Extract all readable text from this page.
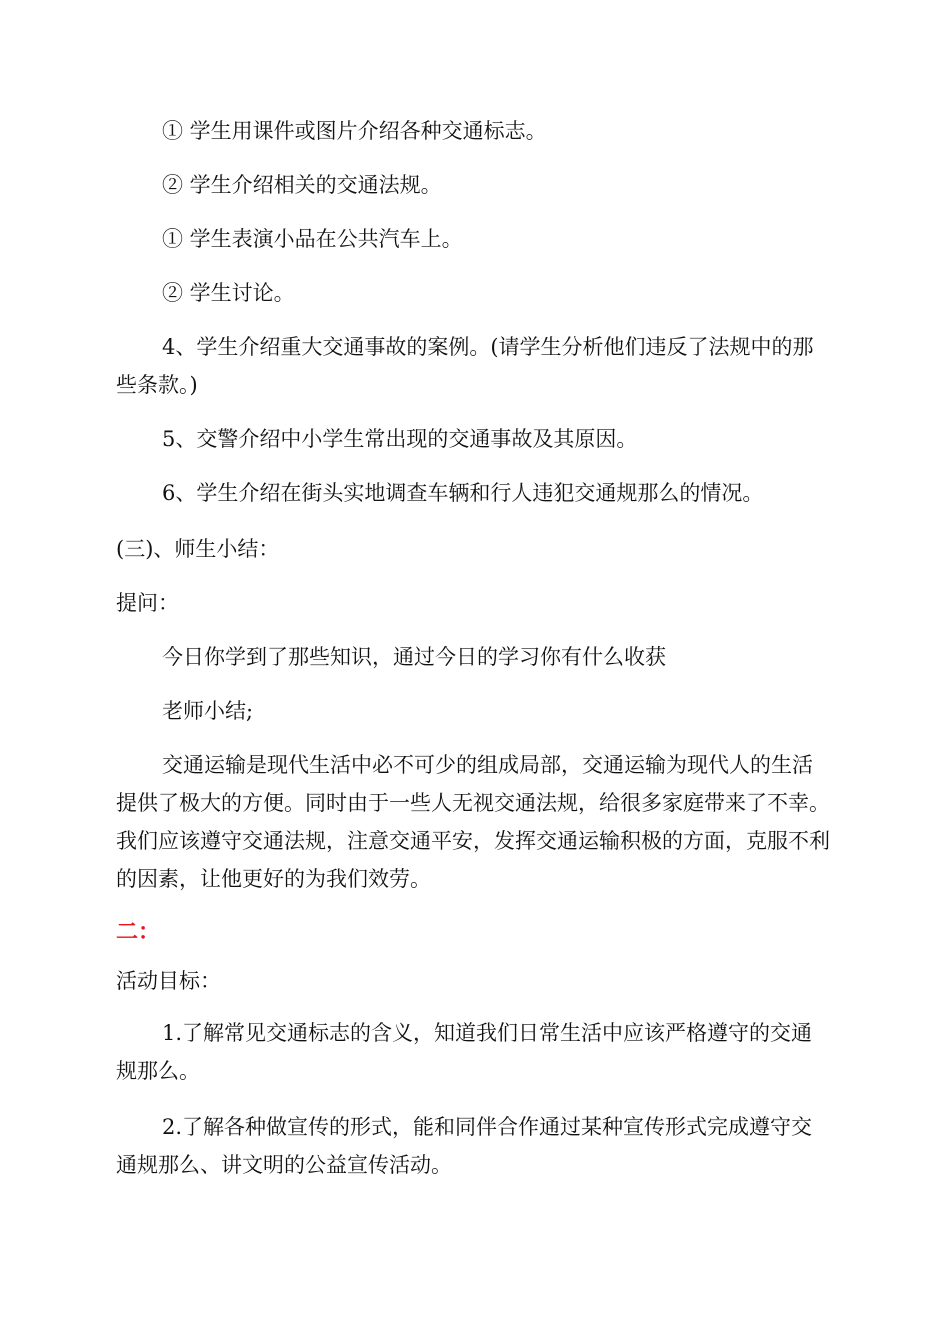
① 学生用课件或图片介绍各种交通标志。

② 学生介绍相关的交通法规。

① 学生表演小品在公共汽车上。

② 学生讨论。

4、学生介绍重大交通事故的案例。(请学生分析他们违反了法规中的那些条款。)

5、交警介绍中小学生常出现的交通事故及其原因。

6、学生介绍在街头实地调查车辆和行人违犯交通规那么的情况。

(三)、师生小结：

提问：

今日你学到了那些知识，通过今日的学习你有什么收获

老师小结;

交通运输是现代生活中必不可少的组成局部，交通运输为现代人的生活提供了极大的方便。同时由于一些人无视交通法规，给很多家庭带来了不幸。我们应该遵守交通法规，注意交通平安，发挥交通运输积极的方面，克服不利的因素，让他更好的为我们效劳。

二：

活动目标：

1.了解常见交通标志的含义，知道我们日常生活中应该严格遵守的交通规那么。

2.了解各种做宣传的形式，能和同伴合作通过某种宣传形式完成遵守交通规那么、讲文明的公益宣传活动。
